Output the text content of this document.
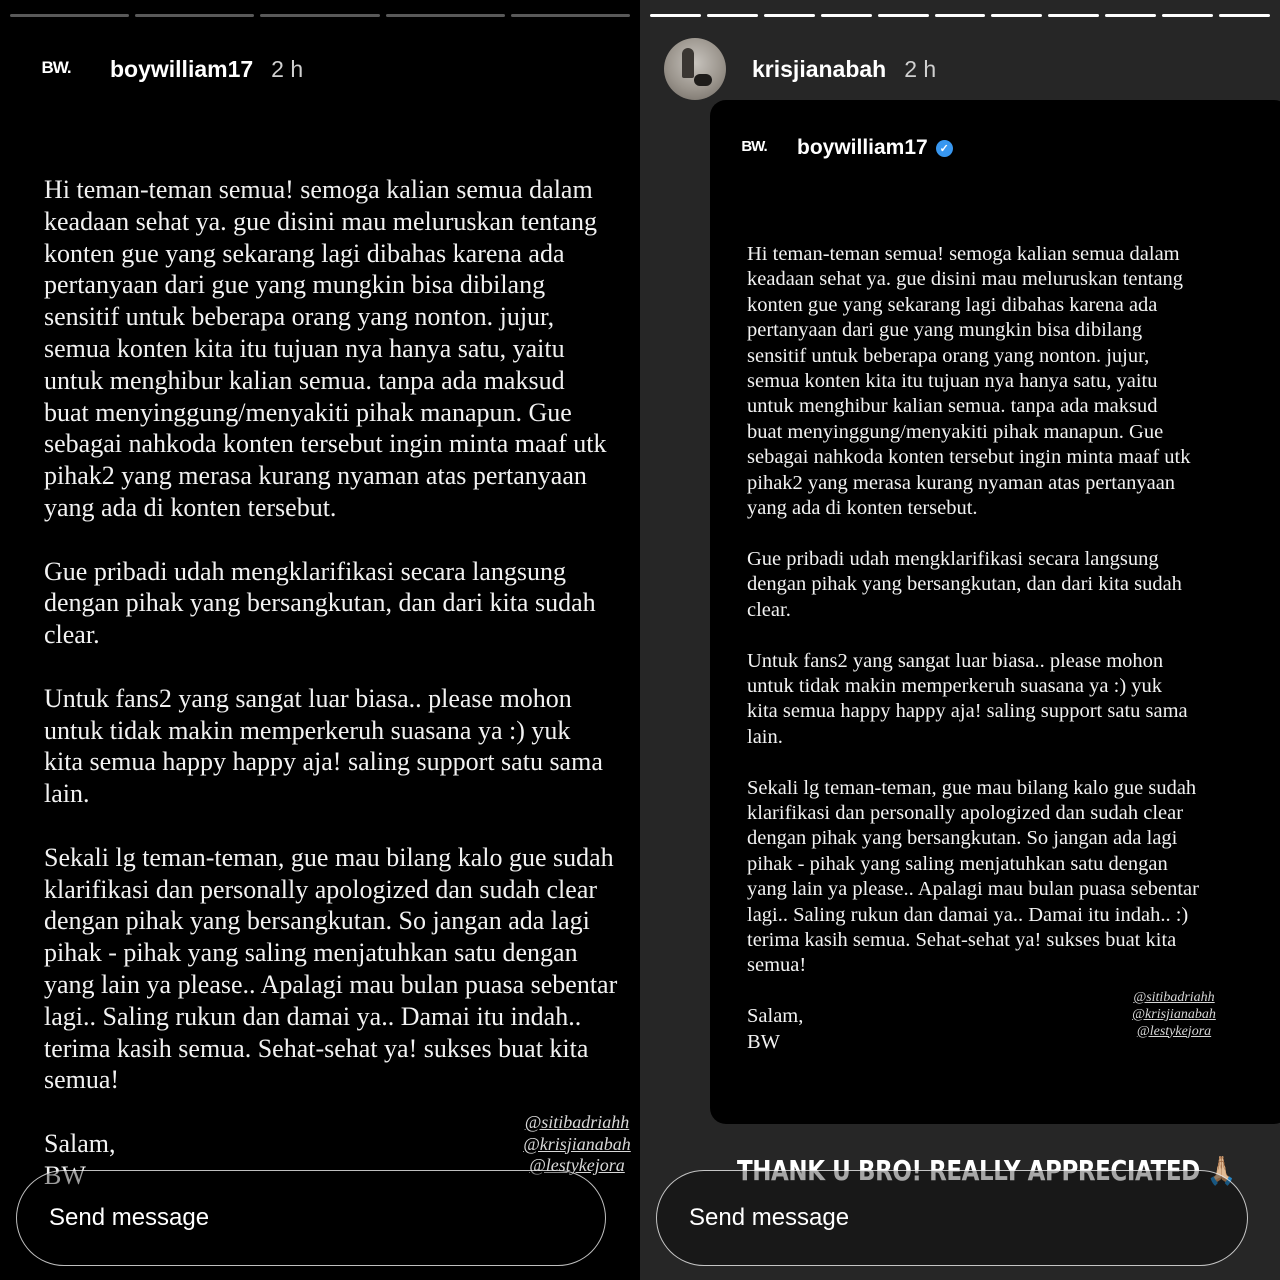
BW.
boywilliam17 2 h
Hi teman-teman semua! semoga kalian semua dalam
keadaan sehat ya. gue disini mau meluruskan tentang
konten gue yang sekarang lagi dibahas karena ada
pertanyaan dari gue yang mungkin bisa dibilang
sensitif untuk beberapa orang yang nonton. jujur,
semua konten kita itu tujuan nya hanya satu, yaitu
untuk menghibur kalian semua. tanpa ada maksud
buat menyinggung/menyakiti pihak manapun. Gue
sebagai nahkoda konten tersebut ingin minta maaf utk
pihak2 yang merasa kurang nyaman atas pertanyaan
yang ada di konten tersebut.

Gue pribadi udah mengklarifikasi secara langsung
dengan pihak yang bersangkutan, dan dari kita sudah
clear.

Untuk fans2 yang sangat luar biasa.. please mohon
untuk tidak makin memperkeruh suasana ya :) yuk
kita semua happy happy aja! saling support satu sama
lain.

Sekali lg teman-teman, gue mau bilang kalo gue sudah
klarifikasi dan personally apologized dan sudah clear
dengan pihak yang bersangkutan. So jangan ada lagi
pihak - pihak yang saling menjatuhkan satu dengan
yang lain ya please.. Apalagi mau bulan puasa sebentar
lagi.. Saling rukun dan damai ya.. Damai itu indah..
terima kasih semua. Sehat-sehat ya! sukses buat kita
semua!

Salam,
BW
@sitibadriahh
@krisjianabah
@lestykejora
Send message
krisjianabah 2 h
BW.
boywilliam17	✓
Hi teman-teman semua! semoga kalian semua dalam
keadaan sehat ya. gue disini mau meluruskan tentang
konten gue yang sekarang lagi dibahas karena ada
pertanyaan dari gue yang mungkin bisa dibilang
sensitif untuk beberapa orang yang nonton. jujur,
semua konten kita itu tujuan nya hanya satu, yaitu
untuk menghibur kalian semua. tanpa ada maksud
buat menyinggung/menyakiti pihak manapun. Gue
sebagai nahkoda konten tersebut ingin minta maaf utk
pihak2 yang merasa kurang nyaman atas pertanyaan
yang ada di konten tersebut.

Gue pribadi udah mengklarifikasi secara langsung
dengan pihak yang bersangkutan, dan dari kita sudah
clear.

Untuk fans2 yang sangat luar biasa.. please mohon
untuk tidak makin memperkeruh suasana ya :) yuk
kita semua happy happy aja! saling support satu sama
lain.

Sekali lg teman-teman, gue mau bilang kalo gue sudah
klarifikasi dan personally apologized dan sudah clear
dengan pihak yang bersangkutan. So jangan ada lagi
pihak - pihak yang saling menjatuhkan satu dengan
yang lain ya please.. Apalagi mau bulan puasa sebentar
lagi.. Saling rukun dan damai ya.. Damai itu indah.. :)
terima kasih semua. Sehat-sehat ya! sukses buat kita
semua!

Salam,
BW
@sitibadriahh
@krisjianabah
@lestykejora
THANK U BRO! REALLY APPRECIATED 🙏🏼
Send message
